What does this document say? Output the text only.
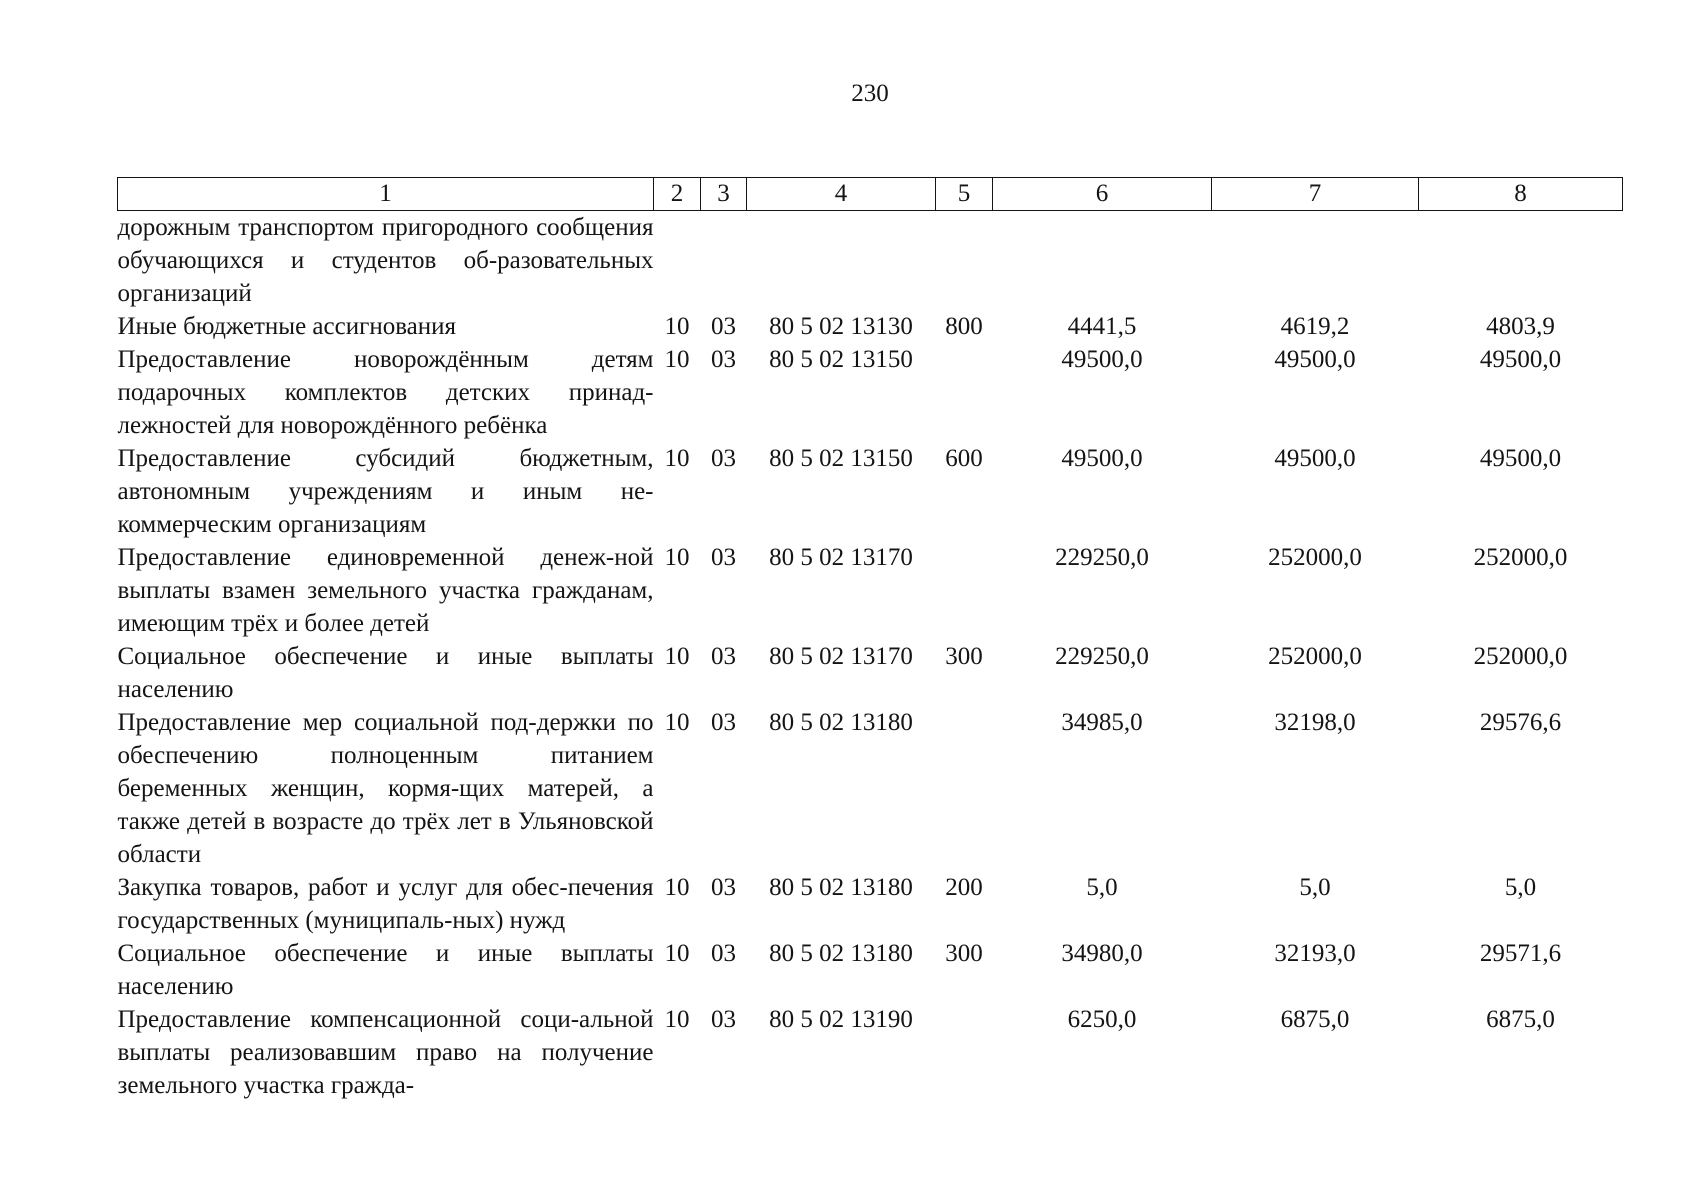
230
1	2	3	4	5	6	7	8
дорожным транспортом пригородного сообщения обучающихся и студентов об-разовательных организаций							
Иные бюджетные ассигнования	10	03	80 5 02 13130	800	4441,5	4619,2	4803,9
Предоставление новорождённым детям подарочных комплектов детских принад-лежностей для новорождённого ребёнка	10	03	80 5 02 13150		49500,0	49500,0	49500,0
Предоставление субсидий бюджетным, автономным учреждениям и иным не-коммерческим организациям	10	03	80 5 02 13150	600	49500,0	49500,0	49500,0
Предоставление единовременной денеж-ной выплаты взамен земельного участка гражданам, имеющим трёх и более детей	10	03	80 5 02 13170		229250,0	252000,0	252000,0
Социальное обеспечение и иные выплаты населению	10	03	80 5 02 13170	300	229250,0	252000,0	252000,0
Предоставление мер социальной под-держки по обеспечению полноценным питанием беременных женщин, кормя-щих матерей, а также детей в возрасте до трёх лет в Ульяновской области	10	03	80 5 02 13180		34985,0	32198,0	29576,6
Закупка товаров, работ и услуг для обес-печения государственных (муниципаль-ных) нужд	10	03	80 5 02 13180	200	5,0	5,0	5,0
Социальное обеспечение и иные выплаты населению	10	03	80 5 02 13180	300	34980,0	32193,0	29571,6
Предоставление компенсационной соци-альной выплаты реализовавшим право на получение земельного участка гражда-	10	03	80 5 02 13190		6250,0	6875,0	6875,0
